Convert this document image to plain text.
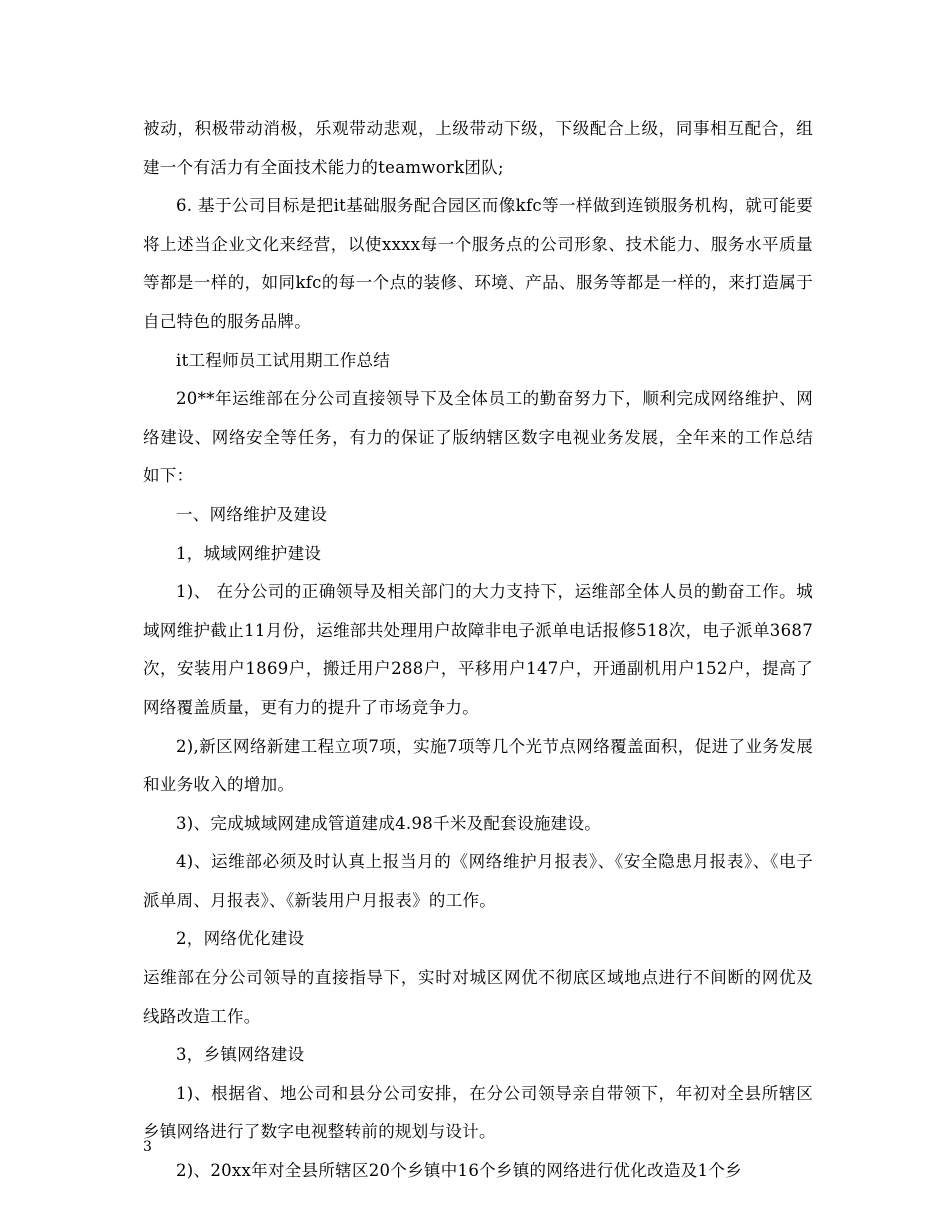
被动，积极带动消极，乐观带动悲观，上级带动下级，下级配合上级，同事相互配合，组建一个有活力有全面技术能力的teamwork团队;

6. 基于公司目标是把it基础服务配合园区而像kfc等一样做到连锁服务机构，就可能要将上述当企业文化来经营，以使xxxx每一个服务点的公司形象、技术能力、服务水平质量等都是一样的，如同kfc的每一个点的装修、环境、产品、服务等都是一样的，来打造属于自己特色的服务品牌。

it工程师员工试用期工作总结

20**年运维部在分公司直接领导下及全体员工的勤奋努力下，顺利完成网络维护、网络建设、网络安全等任务，有力的保证了版纳辖区数字电视业务发展，全年来的工作总结如下：

一、网络维护及建设

1，城域网维护建设

1)、 在分公司的正确领导及相关部门的大力支持下，运维部全体人员的勤奋工作。城域网维护截止11月份，运维部共处理用户故障非电子派单电话报修518次，电子派单3687次，安装用户1869户，搬迁用户288户，平移用户147户，开通副机用户152户，提高了网络覆盖质量，更有力的提升了市场竞争力。

2),新区网络新建工程立项7项，实施7项等几个光节点网络覆盖面积，促进了业务发展和业务收入的增加。

3)、完成城域网建成管道建成4.98千米及配套设施建设。

4)、运维部必须及时认真上报当月的《网络维护月报表》、《安全隐患月报表》、《电子派单周、月报表》、《新装用户月报表》的工作。

2，网络优化建设

运维部在分公司领导的直接指导下，实时对城区网优不彻底区域地点进行不间断的网优及线路改造工作。

3，乡镇网络建设

1)、根据省、地公司和县分公司安排，在分公司领导亲自带领下，年初对全县所辖区乡镇网络进行了数字电视整转前的规划与设计。

2)、20xx年对全县所辖区20个乡镇中16个乡镇的网络进行优化改造及1个乡

3
